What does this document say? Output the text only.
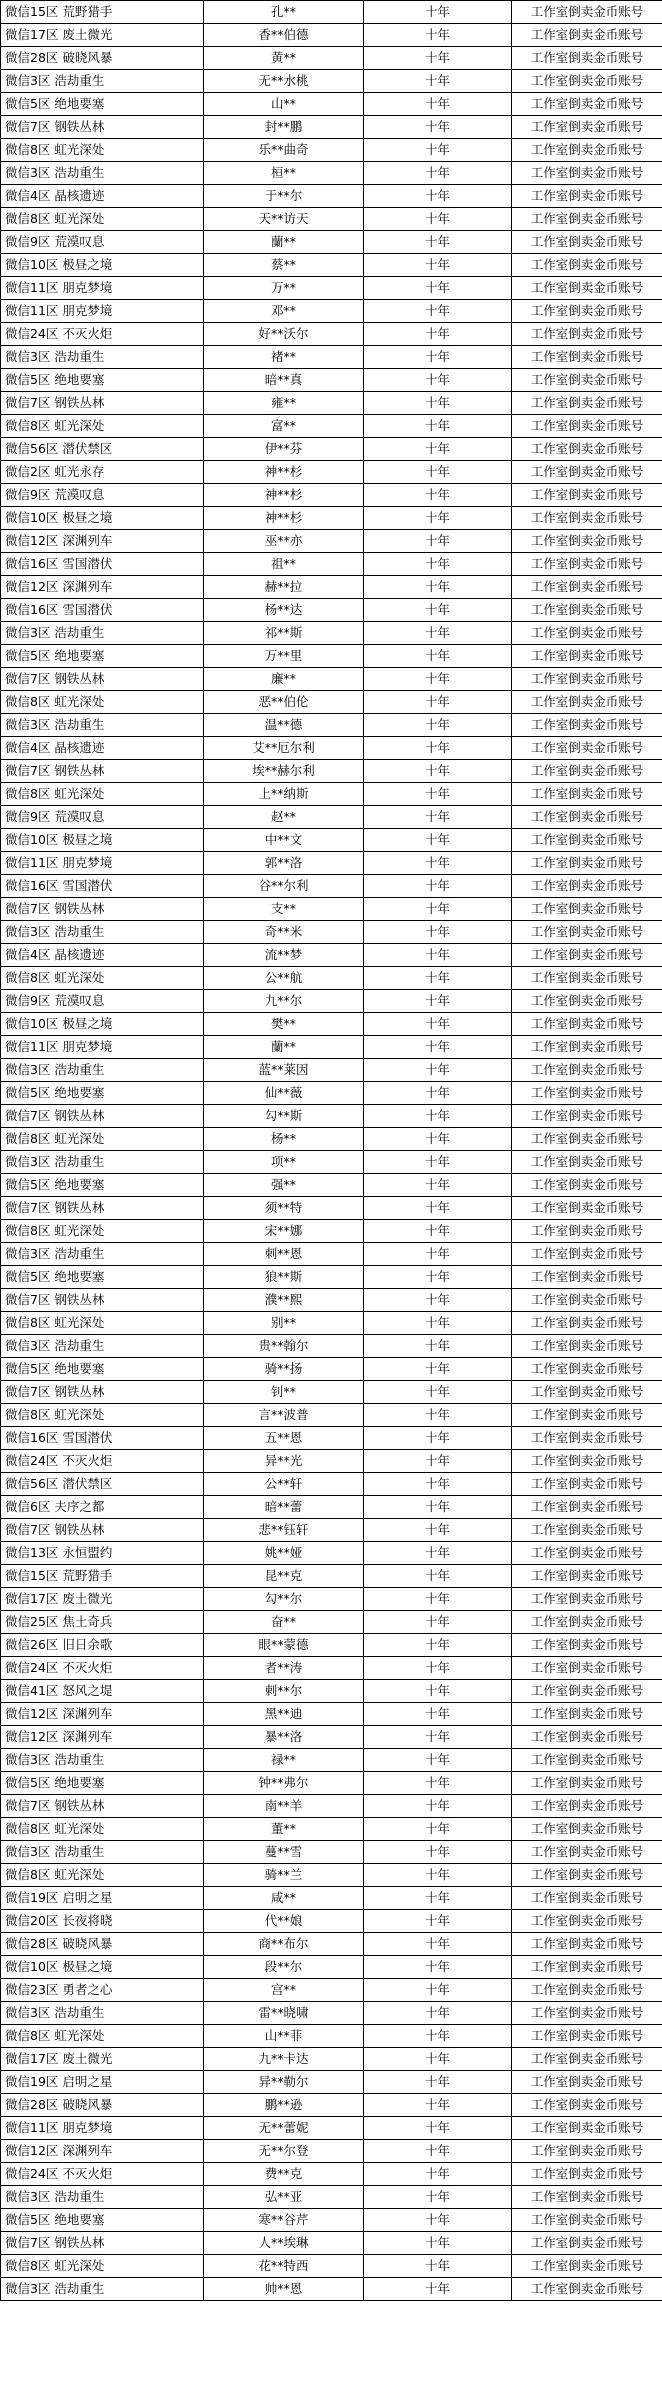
微信15区 荒野猎手	孔**	十年	工作室倒卖金币账号
微信17区 废土微光	香**伯德	十年	工作室倒卖金币账号
微信28区 破晓风暴	黄**	十年	工作室倒卖金币账号
微信3区 浩劫重生	无**水桃	十年	工作室倒卖金币账号
微信5区 绝地要塞	山**	十年	工作室倒卖金币账号
微信7区 钢铁丛林	封**鹏	十年	工作室倒卖金币账号
微信8区 虹光深处	乐**曲奇	十年	工作室倒卖金币账号
微信3区 浩劫重生	桓**	十年	工作室倒卖金币账号
微信4区 晶核遗迹	于**尔	十年	工作室倒卖金币账号
微信8区 虹光深处	天**访天	十年	工作室倒卖金币账号
微信9区 荒漠叹息	蘭**	十年	工作室倒卖金币账号
微信10区 极昼之境	蔡**	十年	工作室倒卖金币账号
微信11区 朋克梦境	万**	十年	工作室倒卖金币账号
微信11区 朋克梦境	邓**	十年	工作室倒卖金币账号
微信24区 不灭火炬	好**沃尔	十年	工作室倒卖金币账号
微信3区 浩劫重生	褚**	十年	工作室倒卖金币账号
微信5区 绝地要塞	暗**真	十年	工作室倒卖金币账号
微信7区 钢铁丛林	雍**	十年	工作室倒卖金币账号
微信8区 虹光深处	富**	十年	工作室倒卖金币账号
微信56区 潜伏禁区	伊**芬	十年	工作室倒卖金币账号
微信2区 虹光永存	神**杉	十年	工作室倒卖金币账号
微信9区 荒漠叹息	神**杉	十年	工作室倒卖金币账号
微信10区 极昼之境	神**杉	十年	工作室倒卖金币账号
微信12区 深渊列车	巫**亦	十年	工作室倒卖金币账号
微信16区 雪国潜伏	祖**	十年	工作室倒卖金币账号
微信12区 深渊列车	赫**拉	十年	工作室倒卖金币账号
微信16区 雪国潜伏	杨**达	十年	工作室倒卖金币账号
微信3区 浩劫重生	祁**斯	十年	工作室倒卖金币账号
微信5区 绝地要塞	万**里	十年	工作室倒卖金币账号
微信7区 钢铁丛林	廉**	十年	工作室倒卖金币账号
微信8区 虹光深处	恶**伯伦	十年	工作室倒卖金币账号
微信3区 浩劫重生	温**德	十年	工作室倒卖金币账号
微信4区 晶核遗迹	艾**厄尔利	十年	工作室倒卖金币账号
微信7区 钢铁丛林	埃**赫尔利	十年	工作室倒卖金币账号
微信8区 虹光深处	上**纳斯	十年	工作室倒卖金币账号
微信9区 荒漠叹息	赵**	十年	工作室倒卖金币账号
微信10区 极昼之境	中**文	十年	工作室倒卖金币账号
微信11区 朋克梦境	郭**洛	十年	工作室倒卖金币账号
微信16区 雪国潜伏	谷**尔利	十年	工作室倒卖金币账号
微信7区 钢铁丛林	支**	十年	工作室倒卖金币账号
微信3区 浩劫重生	奇**米	十年	工作室倒卖金币账号
微信4区 晶核遗迹	流**梦	十年	工作室倒卖金币账号
微信8区 虹光深处	公**航	十年	工作室倒卖金币账号
微信9区 荒漠叹息	九**尔	十年	工作室倒卖金币账号
微信10区 极昼之境	樊**	十年	工作室倒卖金币账号
微信11区 朋克梦境	蘭**	十年	工作室倒卖金币账号
微信3区 浩劫重生	蓝**莱因	十年	工作室倒卖金币账号
微信5区 绝地要塞	仙**薇	十年	工作室倒卖金币账号
微信7区 钢铁丛林	勾**斯	十年	工作室倒卖金币账号
微信8区 虹光深处	杨**	十年	工作室倒卖金币账号
微信3区 浩劫重生	项**	十年	工作室倒卖金币账号
微信5区 绝地要塞	强**	十年	工作室倒卖金币账号
微信7区 钢铁丛林	须**特	十年	工作室倒卖金币账号
微信8区 虹光深处	宋**娜	十年	工作室倒卖金币账号
微信3区 浩劫重生	刺**恩	十年	工作室倒卖金币账号
微信5区 绝地要塞	狼**斯	十年	工作室倒卖金币账号
微信7区 钢铁丛林	濮**熙	十年	工作室倒卖金币账号
微信8区 虹光深处	别**	十年	工作室倒卖金币账号
微信3区 浩劫重生	贵**翰尔	十年	工作室倒卖金币账号
微信5区 绝地要塞	骑**扬	十年	工作室倒卖金币账号
微信7区 钢铁丛林	钊**	十年	工作室倒卖金币账号
微信8区 虹光深处	言**波普	十年	工作室倒卖金币账号
微信16区 雪国潜伏	五**恩	十年	工作室倒卖金币账号
微信24区 不灭火炬	异**光	十年	工作室倒卖金币账号
微信56区 潜伏禁区	公**轩	十年	工作室倒卖金币账号
微信6区 夫序之都	暗**蕾	十年	工作室倒卖金币账号
微信7区 钢铁丛林	悲**钰轩	十年	工作室倒卖金币账号
微信13区 永恒盟约	姚**娅	十年	工作室倒卖金币账号
微信15区 荒野猎手	昆**克	十年	工作室倒卖金币账号
微信17区 废土微光	勾**尔	十年	工作室倒卖金币账号
微信25区 焦土奇兵	奋**	十年	工作室倒卖金币账号
微信26区 旧日余歌	眼**蒙德	十年	工作室倒卖金币账号
微信24区 不灭火炬	者**涛	十年	工作室倒卖金币账号
微信41区 怒风之堤	刺**尔	十年	工作室倒卖金币账号
微信12区 深渊列车	黑**迪	十年	工作室倒卖金币账号
微信12区 深渊列车	暴**洛	十年	工作室倒卖金币账号
微信3区 浩劫重生	禄**	十年	工作室倒卖金币账号
微信5区 绝地要塞	钟**弗尔	十年	工作室倒卖金币账号
微信7区 钢铁丛林	南**羊	十年	工作室倒卖金币账号
微信8区 虹光深处	董**	十年	工作室倒卖金币账号
微信3区 浩劫重生	蔓**雪	十年	工作室倒卖金币账号
微信8区 虹光深处	骑**兰	十年	工作室倒卖金币账号
微信19区 启明之星	咸**	十年	工作室倒卖金币账号
微信20区 长夜将晓	代**娘	十年	工作室倒卖金币账号
微信28区 破晓风暴	商**布尔	十年	工作室倒卖金币账号
微信10区 极昼之境	段**尔	十年	工作室倒卖金币账号
微信23区 勇者之心	宫**	十年	工作室倒卖金币账号
微信3区 浩劫重生	雷**晓啸	十年	工作室倒卖金币账号
微信8区 虹光深处	山**菲	十年	工作室倒卖金币账号
微信17区 废土微光	九**卡达	十年	工作室倒卖金币账号
微信19区 启明之星	异**勒尔	十年	工作室倒卖金币账号
微信28区 破晓风暴	鹏**逊	十年	工作室倒卖金币账号
微信11区 朋克梦境	无**蕾妮	十年	工作室倒卖金币账号
微信12区 深渊列车	无**尔登	十年	工作室倒卖金币账号
微信24区 不灭火炬	费**克	十年	工作室倒卖金币账号
微信3区 浩劫重生	弘**亚	十年	工作室倒卖金币账号
微信5区 绝地要塞	寒**谷芹	十年	工作室倒卖金币账号
微信7区 钢铁丛林	人**埃琳	十年	工作室倒卖金币账号
微信8区 虹光深处	花**特西	十年	工作室倒卖金币账号
微信3区 浩劫重生	帅**恩	十年	工作室倒卖金币账号
